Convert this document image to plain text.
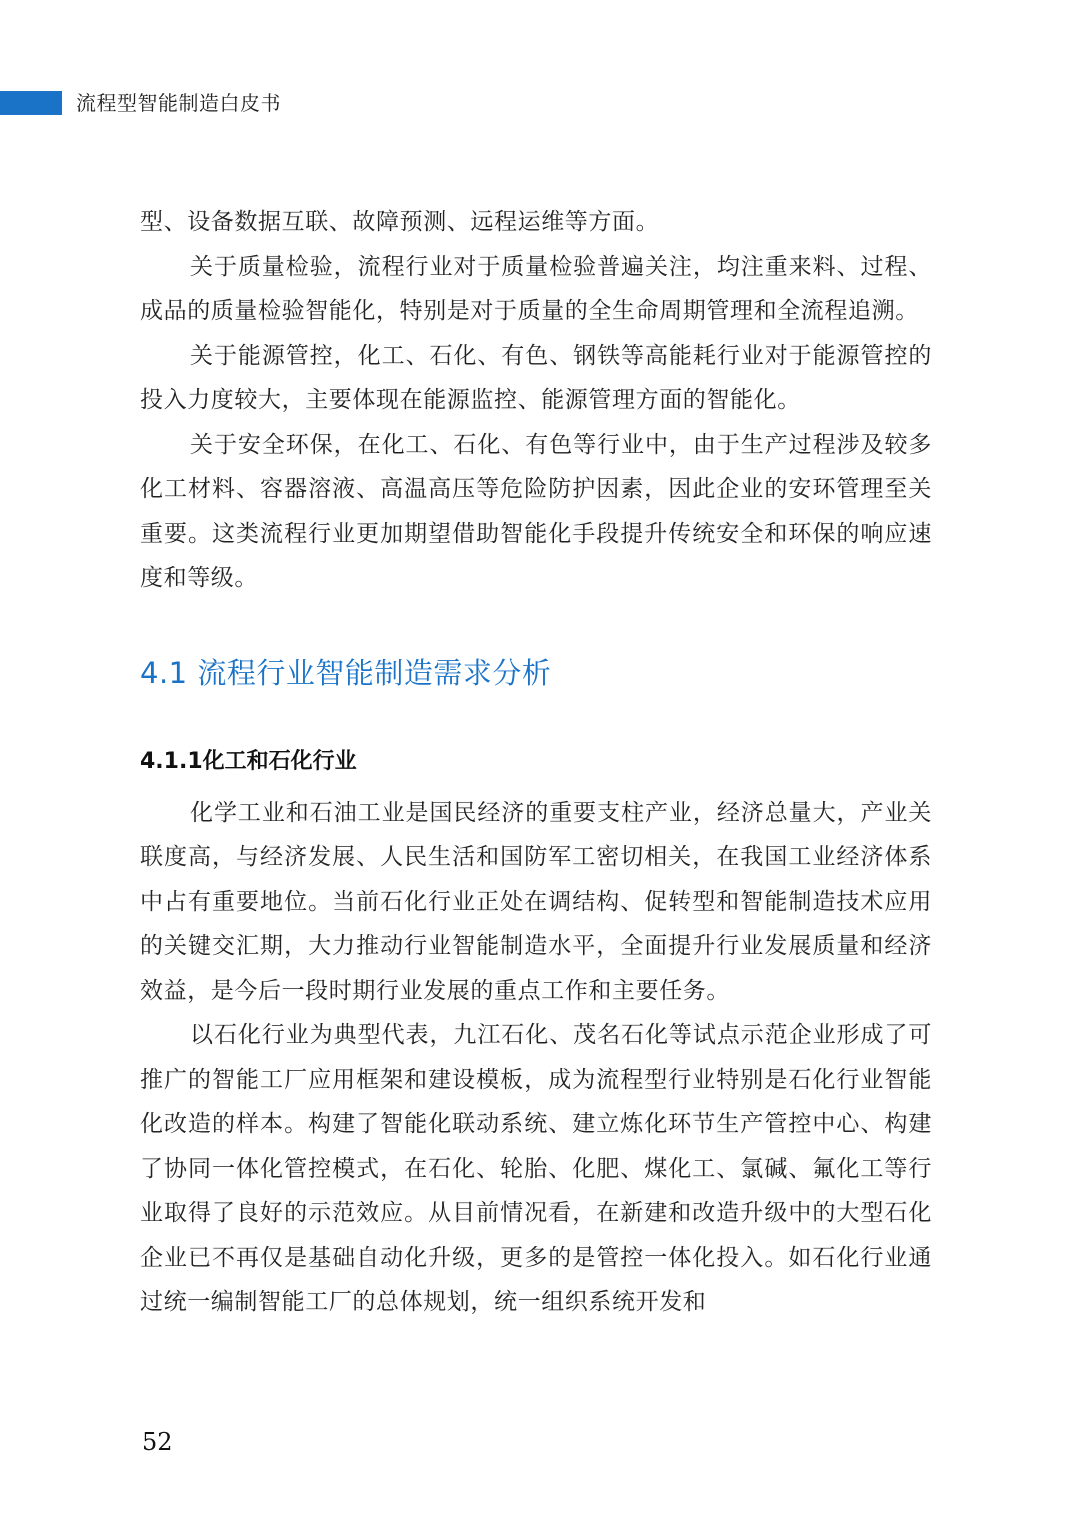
流程型智能制造白皮书

型、设备数据互联、故障预测、远程运维等方面。

关于质量检验，流程行业对于质量检验普遍关注，均注重来料、过程、成品的质量检验智能化，特别是对于质量的全生命周期管理和全流程追溯。

关于能源管控，化工、石化、有色、钢铁等高能耗行业对于能源管控的投入力度较大，主要体现在能源监控、能源管理方面的智能化。

关于安全环保，在化工、石化、有色等行业中，由于生产过程涉及较多化工材料、容器溶液、高温高压等危险防护因素，因此企业的安环管理至关重要。这类流程行业更加期望借助智能化手段提升传统安全和环保的响应速度和等级。

4.1 流程行业智能制造需求分析
4.1.1化工和石化行业

化学工业和石油工业是国民经济的重要支柱产业，经济总量大，产业关联度高，与经济发展、人民生活和国防军工密切相关，在我国工业经济体系中占有重要地位。当前石化行业正处在调结构、促转型和智能制造技术应用的关键交汇期，大力推动行业智能制造水平，全面提升行业发展质量和经济效益，是今后一段时期行业发展的重点工作和主要任务。

以石化行业为典型代表，九江石化、茂名石化等试点示范企业形成了可推广的智能工厂应用框架和建设模板，成为流程型行业特别是石化行业智能化改造的样本。构建了智能化联动系统、建立炼化环节生产管控中心、构建了协同一体化管控模式，在石化、轮胎、化肥、煤化工、氯碱、氟化工等行业取得了良好的示范效应。从目前情况看，在新建和改造升级中的大型石化企业已不再仅是基础自动化升级，更多的是管控一体化投入。如石化行业通过统一编制智能工厂的总体规划，统一组织系统开发和

52
